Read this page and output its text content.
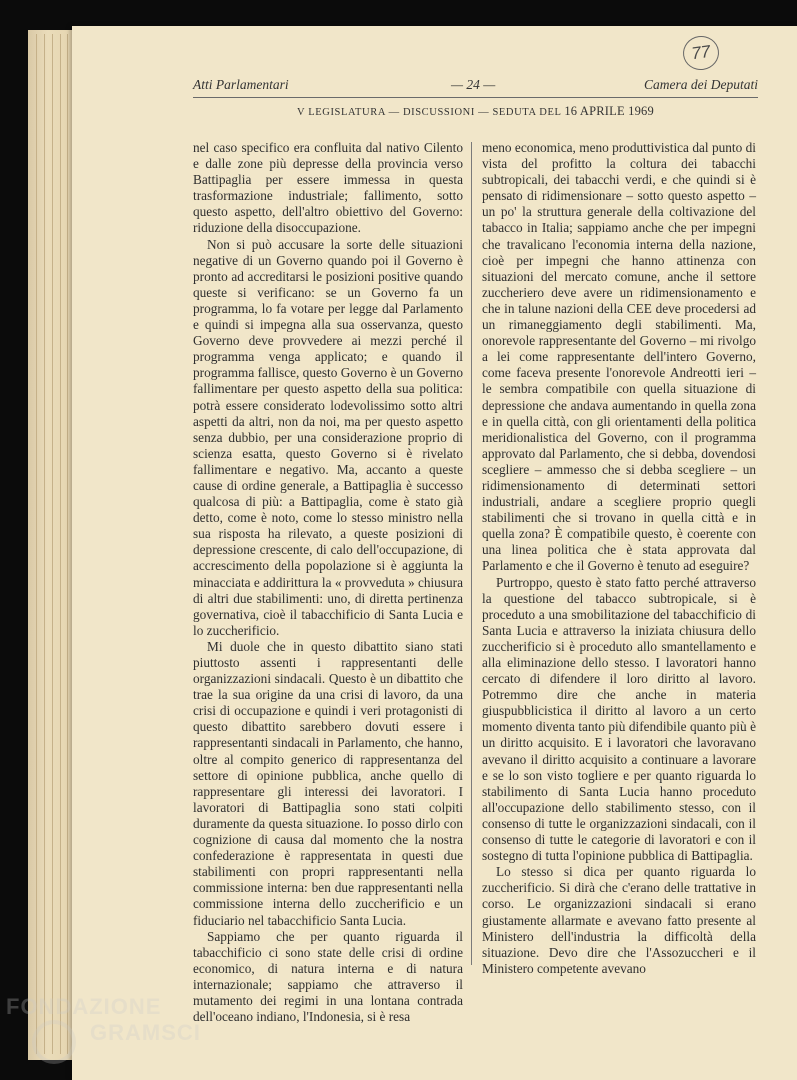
77
Atti Parlamentari	— 24 —	Camera dei Deputati
V LEGISLATURA — DISCUSSIONI — SEDUTA DEL 16 APRILE 1969

nel caso specifico era confluita dal nativo Cilento e dalle zone più depresse della provincia verso Battipaglia per essere immessa in questa trasformazione industriale; fallimento, sotto questo aspetto, dell'altro obiettivo del Governo: riduzione della disoccupazione.

Non si può accusare la sorte delle situazioni negative di un Governo quando poi il Governo è pronto ad accreditarsi le posizioni positive quando queste si verificano: se un Governo fa un programma, lo fa votare per legge dal Parlamento e quindi si impegna alla sua osservanza, questo Governo deve provvedere ai mezzi perché il programma venga applicato; e quando il programma fallisce, questo Governo è un Governo fallimentare per questo aspetto della sua politica: potrà essere considerato lodevolissimo sotto altri aspetti da altri, non da noi, ma per questo aspetto senza dubbio, per una considerazione proprio di scienza esatta, questo Governo si è rivelato fallimentare e negativo. Ma, accanto a queste cause di ordine generale, a Battipaglia è successo qualcosa di più: a Battipaglia, come è stato già detto, come è noto, come lo stesso ministro nella sua risposta ha rilevato, a queste posizioni di depressione crescente, di calo dell'occupazione, di accrescimento della popolazione si è aggiunta la minacciata e addirittura la « provveduta » chiusura di altri due stabilimenti: uno, di diretta pertinenza governativa, cioè il tabacchificio di Santa Lucia e lo zuccherificio.

Mi duole che in questo dibattito siano stati piuttosto assenti i rappresentanti delle organizzazioni sindacali. Questo è un dibattito che trae la sua origine da una crisi di lavoro, da una crisi di occupazione e quindi i veri protagonisti di questo dibattito sarebbero dovuti essere i rappresentanti sindacali in Parlamento, che hanno, oltre al compito generico di rappresentanza del settore di opinione pubblica, anche quello di rappresentare gli interessi dei lavoratori. I lavoratori di Battipaglia sono stati colpiti duramente da questa situazione. Io posso dirlo con cognizione di causa dal momento che la nostra confederazione è rappresentata in questi due stabilimenti con propri rappresentanti nella commissione interna: ben due rappresentanti nella commissione interna dello zuccherificio e un fiduciario nel tabacchificio Santa Lucia.

Sappiamo che per quanto riguarda il tabacchificio ci sono state delle crisi di ordine economico, di natura interna e di natura internazionale; sappiamo che attraverso il mutamento dei regimi in una lontana contrada dell'oceano indiano, l'Indonesia, si è resa

meno economica, meno produttivistica dal punto di vista del profitto la coltura dei tabacchi subtropicali, dei tabacchi verdi, e che quindi si è pensato di ridimensionare – sotto questo aspetto – un po' la struttura generale della coltivazione del tabacco in Italia; sappiamo anche che per impegni che travalicano l'economia interna della nazione, cioè per impegni che hanno attinenza con situazioni del mercato comune, anche il settore zuccheriero deve avere un ridimensionamento e che in talune nazioni della CEE deve procedersi ad un rimaneggiamento degli stabilimenti. Ma, onorevole rappresentante del Governo – mi rivolgo a lei come rappresentante dell'intero Governo, come faceva presente l'onorevole Andreotti ieri – le sembra compatibile con quella situazione di depressione che andava aumentando in quella zona e in quella città, con gli orientamenti della politica meridionalistica del Governo, con il programma approvato dal Parlamento, che si debba, dovendosi scegliere – ammesso che si debba scegliere – un ridimensionamento di determinati settori industriali, andare a scegliere proprio quegli stabilimenti che si trovano in quella città e in quella zona? È compatibile questo, è coerente con una linea politica che è stata approvata dal Parlamento e che il Governo è tenuto ad eseguire?

Purtroppo, questo è stato fatto perché attraverso la questione del tabacco subtropicale, si è proceduto a una smobilitazione del tabacchificio di Santa Lucia e attraverso la iniziata chiusura dello zuccherificio si è proceduto allo smantellamento e alla eliminazione dello stesso. I lavoratori hanno cercato di difendere il loro diritto al lavoro. Potremmo dire che anche in materia giuspubblicistica il diritto al lavoro a un certo momento diventa tanto più difendibile quanto più è un diritto acquisito. E i lavoratori che lavoravano avevano il diritto acquisito a continuare a lavorare e se lo son visto togliere e per quanto riguarda lo stabilimento di Santa Lucia hanno proceduto all'occupazione dello stabilimento stesso, con il consenso di tutte le organizzazioni sindacali, con il consenso di tutte le categorie di lavoratori e con il sostegno di tutta l'opinione pubblica di Battipaglia.

Lo stesso si dica per quanto riguarda lo zuccherificio. Si dirà che c'erano delle trattative in corso. Le organizzazioni sindacali si erano giustamente allarmate e avevano fatto presente al Ministero dell'industria la difficoltà della situazione. Devo dire che l'Assozuccheri e il Ministero competente avevano

FONDAZIONE
GRAMSCI
